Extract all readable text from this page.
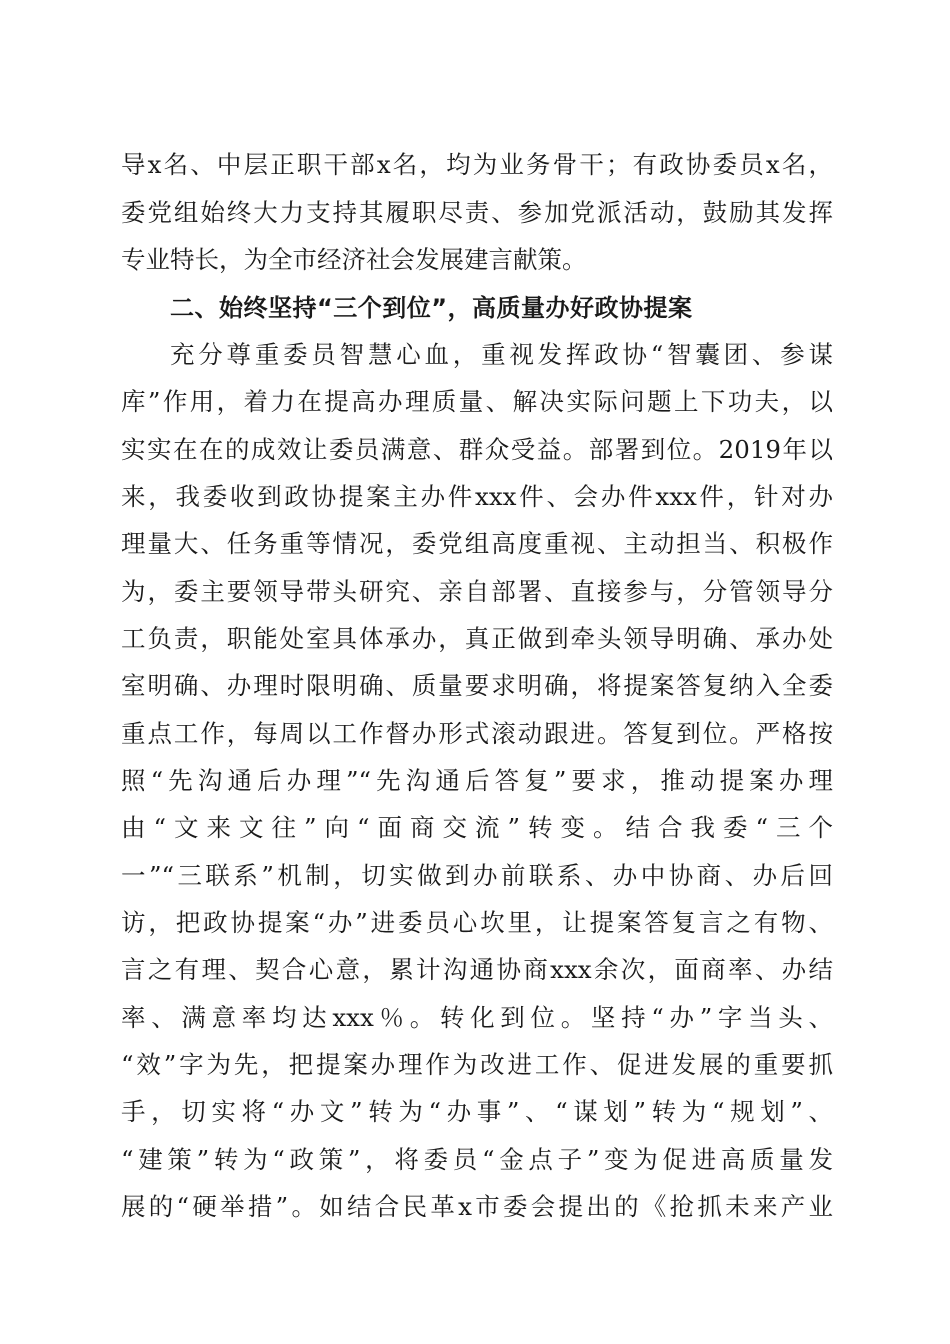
导x名、中层正职干部x名，均为业务骨干；有政协委员x名，
委党组始终大力支持其履职尽责、参加党派活动，鼓励其发挥
专业特长，为全市经济社会发展建言献策。
二、始终坚持“三个到位”，高质量办好政协提案
充分尊重委员智慧心血，重视发挥政协“智囊团、参谋
库”作用，着力在提高办理质量、解决实际问题上下功夫，以
实实在在的成效让委员满意、群众受益。部署到位。2019年以
来，我委收到政协提案主办件xxx件、会办件xxx件，针对办
理量大、任务重等情况，委党组高度重视、主动担当、积极作
为，委主要领导带头研究、亲自部署、直接参与，分管领导分
工负责，职能处室具体承办，真正做到牵头领导明确、承办处
室明确、办理时限明确、质量要求明确，将提案答复纳入全委
重点工作，每周以工作督办形式滚动跟进。答复到位。严格按
照“先沟通后办理”“先沟通后答复”要求，推动提案办理
由“文来文往”向“面商交流”转变。结合我委“三个
一”“三联系”机制，切实做到办前联系、办中协商、办后回
访，把政协提案“办”进委员心坎里，让提案答复言之有物、
言之有理、契合心意，累计沟通协商xxx余次，面商率、办结
率、满意率均达xxx％。转化到位。坚持“办”字当头、
“效”字为先，把提案办理作为改进工作、促进发展的重要抓
手，切实将“办文”转为“办事”、“谋划”转为“规划”、
“建策”转为“政策”，将委员“金点子”变为促进高质量发
展的“硬举措”。如结合民革x市委会提出的《抢抓未来产业
